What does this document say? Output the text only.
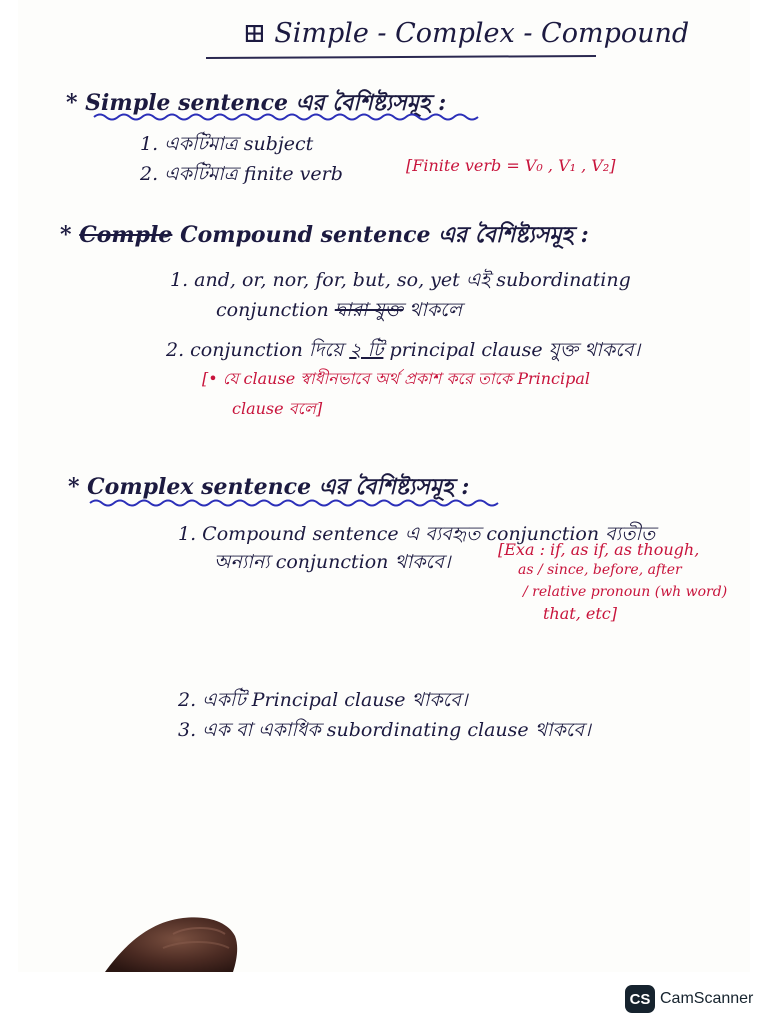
⊞ Simple - Complex - Compound
* Simple sentence এর বৈশিষ্ট্যসমূহ :
1. একটিমাত্র subject
2. একটিমাত্র finite verb	[Finite verb = V₀ , V₁ , V₂]
* Comple Compound sentence এর বৈশিষ্ট্যসমূহ :
1. and, or, nor, for, but, so, yet এই subordinating
conjunction দ্বারা যুক্ত থাকলে
2. conjunction দিয়ে ২ টি principal clause যুক্ত থাকবে।
[• যে clause স্বাধীনভাবে অর্থ প্রকাশ করে তাকে Principal
clause বলে]
* Complex sentence এর বৈশিষ্ট্যসমূহ :
1. Compound sentence এ ব্যবহৃত conjunction ব্যতীত
অন্যান্য conjunction থাকবে।
[Exa : if, as if, as though,
as / since, before, after
/ relative pronoun (wh word)
that, etc]
2. একটি Principal clause থাকবে।
3. এক বা একাধিক subordinating clause থাকবে।
CS CamScanner
